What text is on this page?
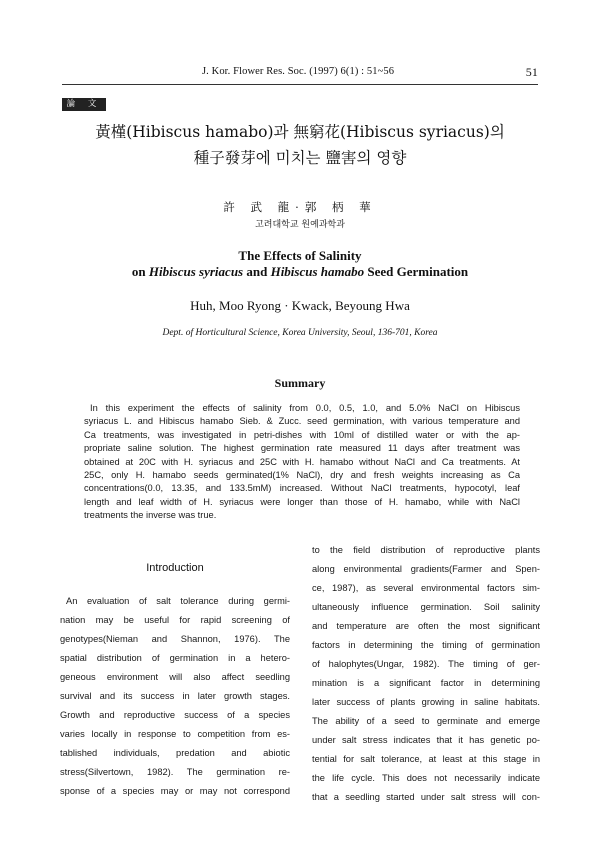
J. Kor. Flower Res. Soc. (1997) 6(1) : 51~56	51
論 文
黃槿(Hibiscus hamabo)과 無窮花(Hibiscus syriacus)의
種子發芽에 미치는 鹽害의 영향
許 武 龍·郭 柄 華
고려대학교 원예과학과
The Effects of Salinity
on Hibiscus syriacus and Hibiscus hamabo Seed Germination
Huh, Moo Ryong · Kwack, Beyoung Hwa
Dept. of Horticultural Science, Korea University, Seoul, 136-701, Korea
Summary
In this experiment the effects of salinity from 0.0, 0.5, 1.0, and 5.0% NaCl on Hibiscus
syriacus L. and Hibiscus hamabo Sieb. & Zucc. seed germination, with various temperature and
Ca treatments, was investigated in petri-dishes with 10ml of distilled water or with the ap-
propriate saline solution. The highest germination rate measured 11 days after treatment was
obtained at 20C with H. syriacus and 25C with H. hamabo without NaCl and Ca treatments. At
25C, only H. hamabo seeds germinated(1% NaCl), dry and fresh weights increasing as Ca
concentrations(0.0, 13.35, and 133.5mM) increased. Without NaCl treatments, hypocotyl, leaf
length and leaf width of H. syriacus were longer than those of H. hamabo, while with NaCl
treatments the inverse was true.
Introduction
An evaluation of salt tolerance during germi-
nation may be useful for rapid screening of
genotypes(Nieman and Shannon, 1976). The
spatial distribution of germination in a hetero-
geneous environment will also affect seedling
survival and its success in later growth stages.
Growth and reproductive success of a species
varies locally in response to competition from es-
tablished individuals, predation and abiotic
stress(Silvertown, 1982). The germination re-
sponse of a species may or may not correspond
to the field distribution of reproductive plants
along environmental gradients(Farmer and Spen-
ce, 1987), as several environmental factors sim-
ultaneously influence germination. Soil salinity
and temperature are often the most significant
factors in determining the timing of germination
of halophytes(Ungar, 1982). The timing of ger-
mination is a significant factor in determining
later success of plants growing in saline habitats.
The ability of a seed to germinate and emerge
under salt stress indicates that it has genetic po-
tential for salt tolerance, at least at this stage in
the life cycle. This does not necessarily indicate
that a seedling started under salt stress will con-
